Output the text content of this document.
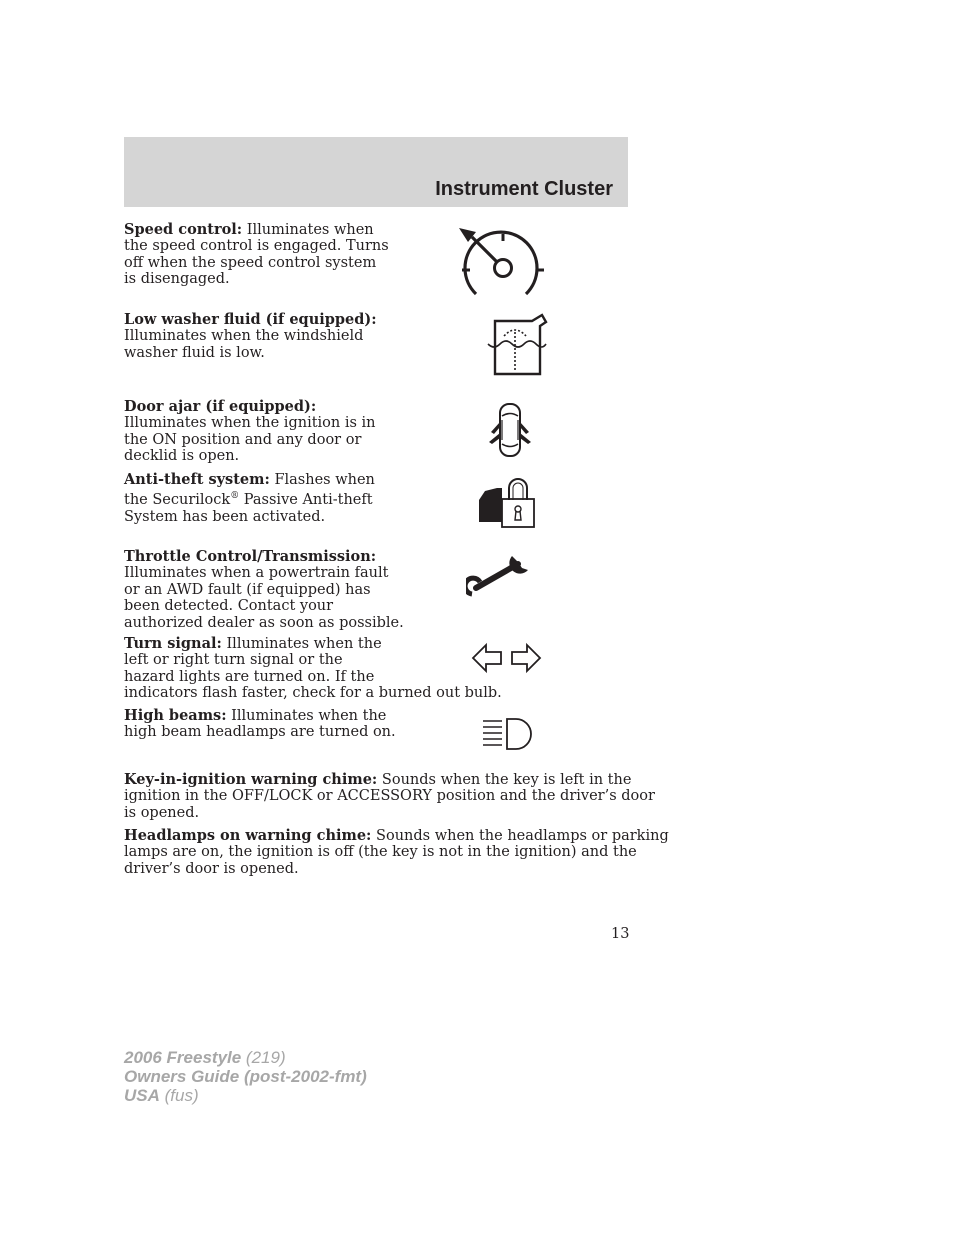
Instrument Cluster

Speed control: Illuminates when
the speed control is engaged. Turns
off when the speed control system
is disengaged.

Low washer fluid (if equipped):
Illuminates when the windshield
washer fluid is low.

Door ajar (if equipped):
Illuminates when the ignition is in
the ON position and any door or
decklid is open.

Anti-theft system: Flashes when
the Securilock® Passive Anti-theft
System has been activated.

Throttle Control/Transmission:
Illuminates when a powertrain fault
or an AWD fault (if equipped) has
been detected. Contact your
authorized dealer as soon as possible.

Turn signal: Illuminates when the
left or right turn signal or the
hazard lights are turned on. If the
indicators flash faster, check for a burned out bulb.

High beams: Illuminates when the
high beam headlamps are turned on.

Key-in-ignition warning chime: Sounds when the key is left in the
ignition in the OFF/LOCK or ACCESSORY position and the driver’s door
is opened.

Headlamps on warning chime: Sounds when the headlamps or parking
lamps are on, the ignition is off (the key is not in the ignition) and the
driver’s door is opened.

13
2006 Freestyle (219)
Owners Guide (post-2002-fmt)
USA (fus)
